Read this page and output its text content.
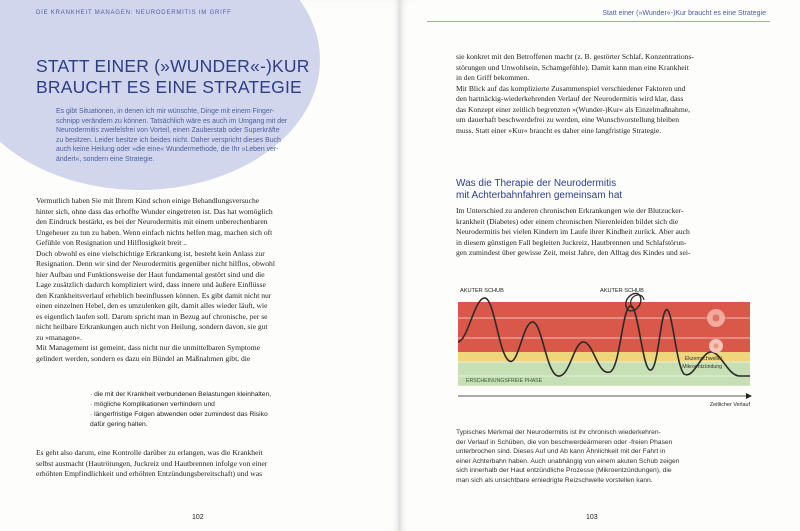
DIE KRANKHEIT MANAGEN: NEURODERMITIS IM GRIFF
STATT EINER (»WUNDER«-)KUR
BRAUCHT ES EINE STRATEGIE
Es gibt Situationen, in denen ich mir wünschte, Dinge mit einem Finger-
schnipp verändern zu können. Tatsächlich wäre es auch im Umgang mit der
Neurodermitis zweifelsfrei von Vorteil, einen Zauberstab oder Superkräfte
zu besitzen. Leider besitze ich beides nicht. Daher verspricht dieses Buch
auch keine Heilung oder »die eine« Wundermethode, die Ihr »Leben ver-
ändert«, sondern eine Strategie.
Vermutlich haben Sie mit Ihrem Kind schon einige Behandlungsversuche
hinter sich, ohne dass das erhoffte Wunder eingetreten ist. Das hat womöglich
den Eindruck bestärkt, es bei der Neurodermitis mit einem unberechenbaren
Ungeheuer zu tun zu haben. Wenn einfach nichts helfen mag, machen sich oft
Gefühle von Resignation und Hilflosigkeit breit ..
Doch obwohl es eine vielschichtige Erkrankung ist, besteht kein Anlass zur
Resignation. Denn wir sind der Neurodermitis gegenüber nicht hilflos, obwohl
hier Aufbau und Funktionsweise der Haut fundamental gestört sind und die
Lage zusätzlich dadurch kompliziert wird, dass innere und äußere Einflüsse
den Krankheitsverlauf erheblich beeinflussen können. Es gibt damit nicht nur
einen einzelnen Hebel, den es umzulenken gilt, damit alles wieder läuft, wie
es eigentlich laufen soll. Darum spricht man in Bezug auf chronische, per se
nicht heilbare Erkrankungen auch nicht von Heilung, sondern davon, sie gut
zu »managen«.
Mit Management ist gemeint, dass nicht nur die unmittelbaren Symptome
gelindert werden, sondern es dazu ein Bündel an Maßnahmen gibt, die
· die mit der Krankheit verbundenen Belastungen kleinhalten,
· mögliche Komplikationen verhindern und
· längerfristige Folgen abwenden oder zumindest das Risiko
dafür gering halten.
Es geht also darum, eine Kontrolle darüber zu erlangen, was die Krankheit
selbst ausmacht (Hautrötungen, Juckreiz und Hautbrennen infolge von einer
erhöhten Empfindlichkeit und erhöhten Entzündungsbereitschaft) und was
102
Statt einer (»Wunder«-)Kur braucht es eine Strategie
sie konkret mit den Betroffenen macht (z. B. gestörter Schlaf, Konzentrations-
störungen und Unwohlsein, Schamgefühle). Damit kann man eine Krankheit
in den Griff bekommen.
Mit Blick auf das komplizierte Zusammenspiel verschiedener Faktoren und
den hartnäckig-wiederkehrenden Verlauf der Neurodermitis wird klar, dass
das Konzept einer zeitlich begrenzten »(Wunder-)Kur« als Einzelmaßnahme,
um dauerhaft beschwerdefrei zu werden, eine Wunschvorstellung bleiben
muss. Statt einer »Kur« braucht es daher eine langfristige Strategie.
Was die Therapie der Neurodermitis
mit Achterbahnfahren gemeinsam hat
Im Unterschied zu anderen chronischen Erkrankungen wie der Blutzucker-
krankheit (Diabetes) oder einem chronischen Nierenleiden bildet sich die
Neurodermitis bei vielen Kindern im Laufe ihrer Kindheit zurück. Aber auch
in diesem günstigen Fall begleiten Juckreiz, Hautbrennen und Schlafstörun-
gen zumindest über gewisse Zeit, meist Jahre, den Alltag des Kindes und sei-
AKUTER SCHUB	AKUTER SCHUB
Ekzemschwelle/
Mikroentzündung
ERSCHEINUNGSFREIE PHASE
Zeitlicher Verlauf
Typisches Merkmal der Neurodermitis ist ihr chronisch wiederkehren-
der Verlauf in Schüben, die von beschwerdeärmeren oder -freien Phasen
unterbrochen sind. Dieses Auf und Ab kann Ähnlichkeit mit der Fahrt in
einer Achterbahn haben. Auch unabhängig von einem akuten Schub zeigen
sich innerhalb der Haut entzündliche Prozesse (Mikroentzündungen), die
man sich als unsichtbare erniedrigte Reizschwelle vorstellen kann.
103
